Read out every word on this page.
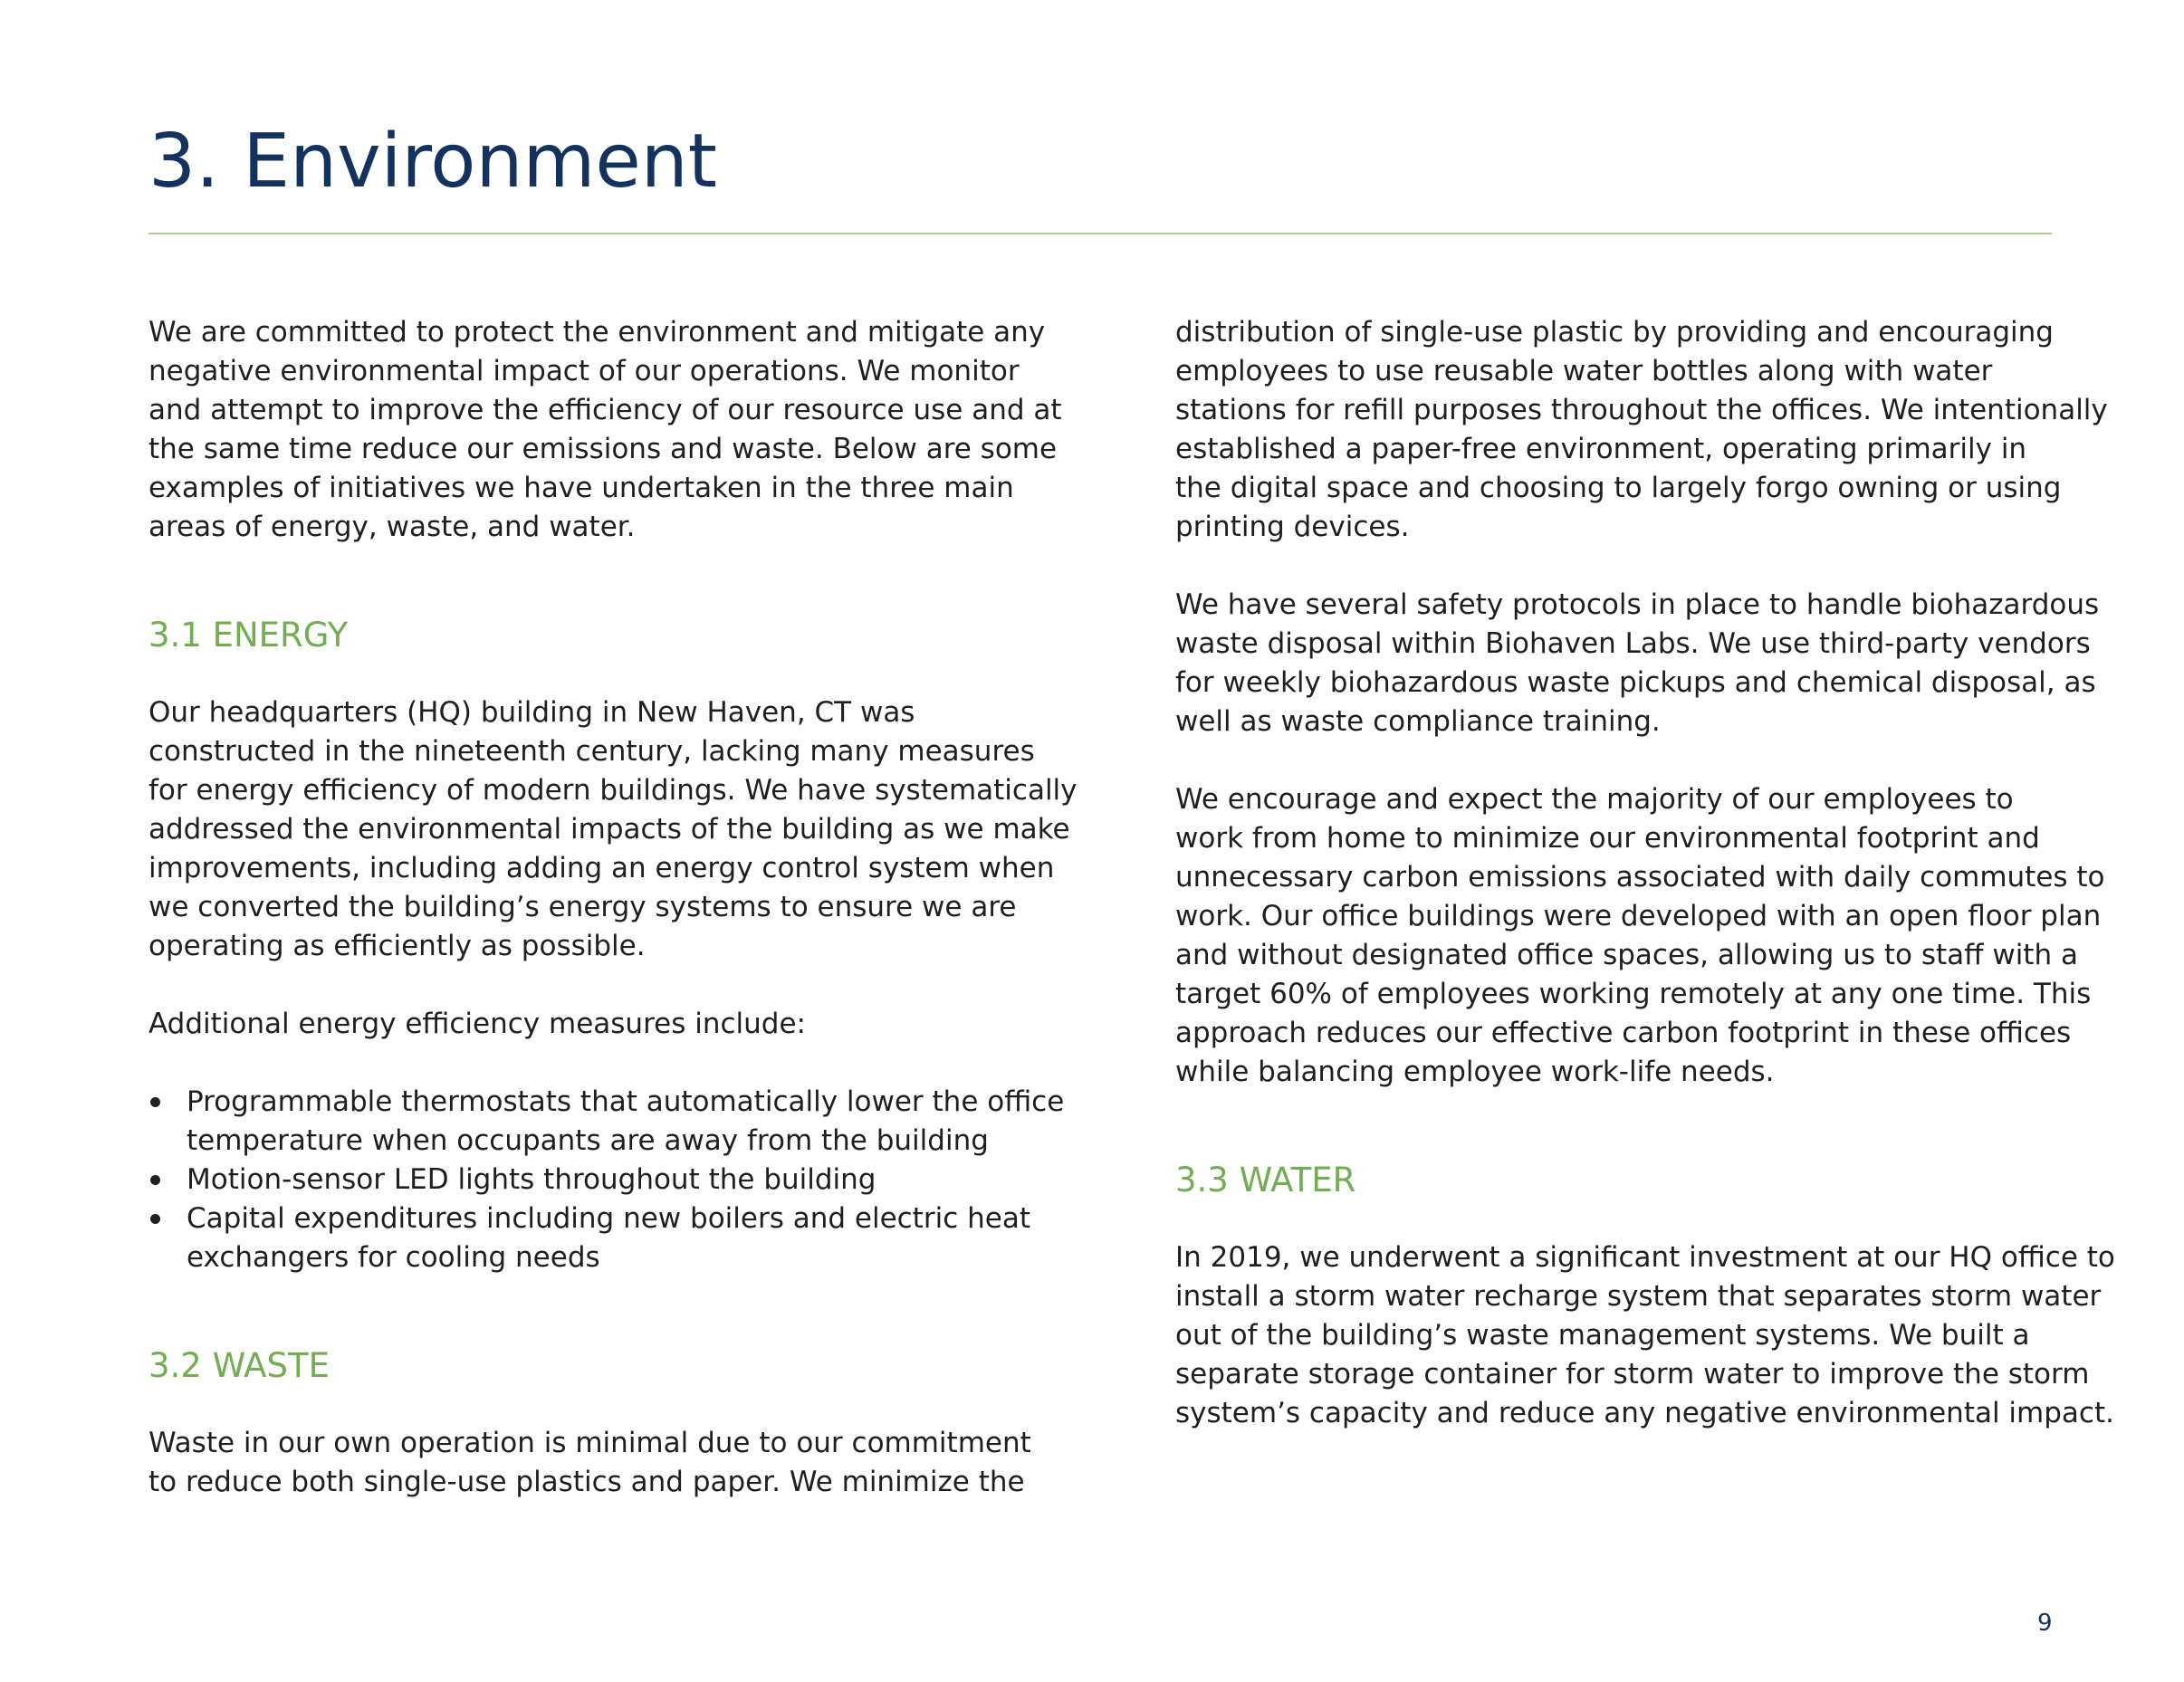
3. Environment

We are committed to protect the environment and mitigate any
negative environmental impact of our operations. We monitor
and attempt to improve the efficiency of our resource use and at
the same time reduce our emissions and waste. Below are some
examples of initiatives we have undertaken in the three main
areas of energy, waste, and water.

3.1 ENERGY

Our headquarters (HQ) building in New Haven, CT was
constructed in the nineteenth century, lacking many measures
for energy efficiency of modern buildings. We have systematically
addressed the environmental impacts of the building as we make
improvements, including adding an energy control system when
we converted the building’s energy systems to ensure we are
operating as efficiently as possible.

Additional energy efficiency measures include:

Programmable thermostats that automatically lower the office
temperature when occupants are away from the building
Motion-sensor LED lights throughout the building
Capital expenditures including new boilers and electric heat
exchangers for cooling needs
3.2 WASTE

Waste in our own operation is minimal due to our commitment
to reduce both single-use plastics and paper. We minimize the

distribution of single-use plastic by providing and encouraging
employees to use reusable water bottles along with water
stations for refill purposes throughout the offices. We intentionally
established a paper-free environment, operating primarily in
the digital space and choosing to largely forgo owning or using
printing devices.

We have several safety protocols in place to handle biohazardous
waste disposal within Biohaven Labs. We use third-party vendors
for weekly biohazardous waste pickups and chemical disposal, as
well as waste compliance training.

We encourage and expect the majority of our employees to
work from home to minimize our environmental footprint and
unnecessary carbon emissions associated with daily commutes to
work. Our office buildings were developed with an open floor plan
and without designated office spaces, allowing us to staff with a
target 60% of employees working remotely at any one time. This
approach reduces our effective carbon footprint in these offices
while balancing employee work-life needs.

3.3 WATER

In 2019, we underwent a significant investment at our HQ office to
install a storm water recharge system that separates storm water
out of the building’s waste management systems. We built a
separate storage container for storm water to improve the storm
system’s capacity and reduce any negative environmental impact.

9
